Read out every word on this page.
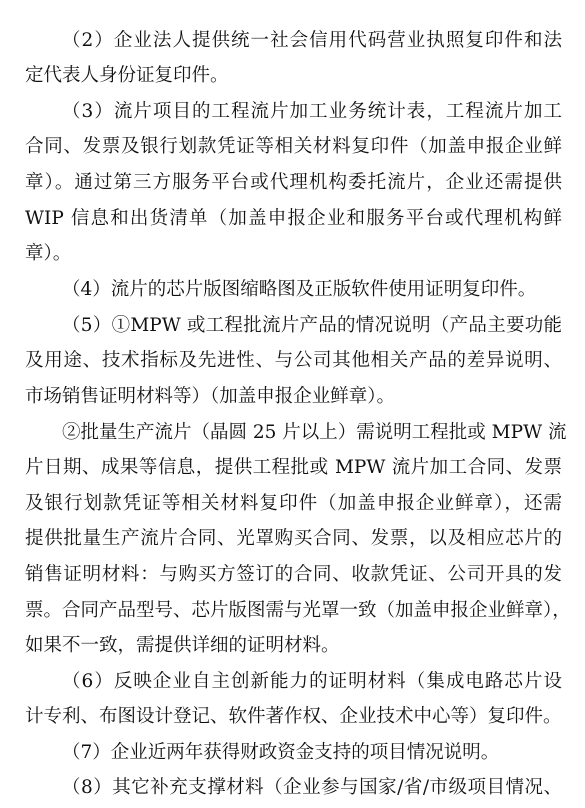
（2）企业法人提供统一社会信用代码营业执照复印件和法
定代表人身份证复印件。
（3）流片项目的工程流片加工业务统计表，工程流片加工
合同、发票及银行划款凭证等相关材料复印件（加盖申报企业鲜
章）。通过第三方服务平台或代理机构委托流片，企业还需提供
WIP 信息和出货清单（加盖申报企业和服务平台或代理机构鲜
章）。
（4）流片的芯片版图缩略图及正版软件使用证明复印件。
（5）①MPW 或工程批流片产品的情况说明（产品主要功能
及用途、技术指标及先进性、与公司其他相关产品的差异说明、
市场销售证明材料等）（加盖申报企业鲜章）。
②批量生产流片（晶圆 25 片以上）需说明工程批或 MPW 流
片日期、成果等信息，提供工程批或 MPW 流片加工合同、发票
及银行划款凭证等相关材料复印件（加盖申报企业鲜章），还需
提供批量生产流片合同、光罩购买合同、发票，以及相应芯片的
销售证明材料：与购买方签订的合同、收款凭证、公司开具的发
票。合同产品型号、芯片版图需与光罩一致（加盖申报企业鲜章），
如果不一致，需提供详细的证明材料。
（6）反映企业自主创新能力的证明材料（集成电路芯片设
计专利、布图设计登记、软件著作权、企业技术中心等）复印件。
（7）企业近两年获得财政资金支持的项目情况说明。
（8）其它补充支撑材料（企业参与国家/省/市级项目情况、
